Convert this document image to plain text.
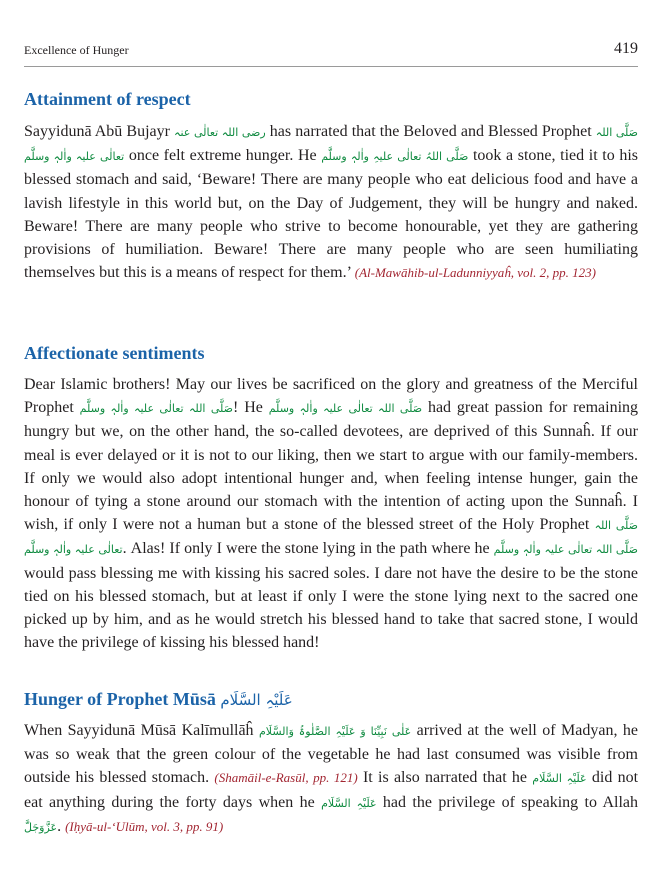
Excellence of Hunger	419
Attainment of respect
Sayyidunā Abū Bujayr رضی اللہ تعالٰی عنہ has narrated that the Beloved and Blessed Prophet صَلَّی اللہ تعالٰی علیہ واٰلہٖ وسلَّم once felt extreme hunger. He صَلَّی اللہُ تعالٰی علیہِ واٰلہٖ وسلَّم took a stone, tied it to his blessed stomach and said, ‘Beware! There are many people who eat delicious food and have a lavish lifestyle in this world but, on the Day of Judgement, they will be hungry and naked. Beware! There are many people who strive to become honourable, yet they are gathering provisions of humiliation. Beware! There are many people who are seen humiliating themselves but this is a means of respect for them.’ (Al-Mawāhib-ul-Ladunniyyaĥ, vol. 2, pp. 123)
Affectionate sentiments
Dear Islamic brothers! May our lives be sacrificed on the glory and greatness of the Merciful Prophet صَلَّی اللہ تعالٰی علیہ واٰلہٖ وسلَّم! He صَلَّی اللہ تعالٰی علیہ واٰلہٖ وسلَّم had great passion for remaining hungry but we, on the other hand, the so-called devotees, are deprived of this Sunnaĥ. If our meal is ever delayed or it is not to our liking, then we start to argue with our family-members. If only we would also adopt intentional hunger and, when feeling intense hunger, gain the honour of tying a stone around our stomach with the intention of acting upon the Sunnaĥ. I wish, if only I were not a human but a stone of the blessed street of the Holy Prophet صَلَّی اللہ تعالٰی علیہ واٰلہٖ وسلَّم. Alas! If only I were the stone lying in the path where he صَلَّی اللہ تعالٰی علیہ واٰلہٖ وسلَّم would pass blessing me with kissing his sacred soles. I dare not have the desire to be the stone tied on his blessed stomach, but at least if only I were the stone lying next to the sacred one picked up by him, and as he would stretch his blessed hand to take that sacred stone, I would have the privilege of kissing his blessed hand!
Hunger of Prophet Mūsā عَلَیْہِ السَّلَام
When Sayyidunā Mūsā Kalīmullāĥ عَلٰی نَبِیِّنَا وَ عَلَیْہِ الصَّلٰوۃُ وَالسَّلَام arrived at the well of Madyan, he was so weak that the green colour of the vegetable he had last consumed was visible from outside his blessed stomach. (Shamāil-e-Rasūl, pp. 121) It is also narrated that he عَلَیْہِ السَّلَام did not eat anything during the forty days when he عَلَیْہِ السَّلَام had the privilege of speaking to Allah عَزَّوَجَلَّ. (Iḥyā-ul-‘Ulūm, vol. 3, pp. 91)
